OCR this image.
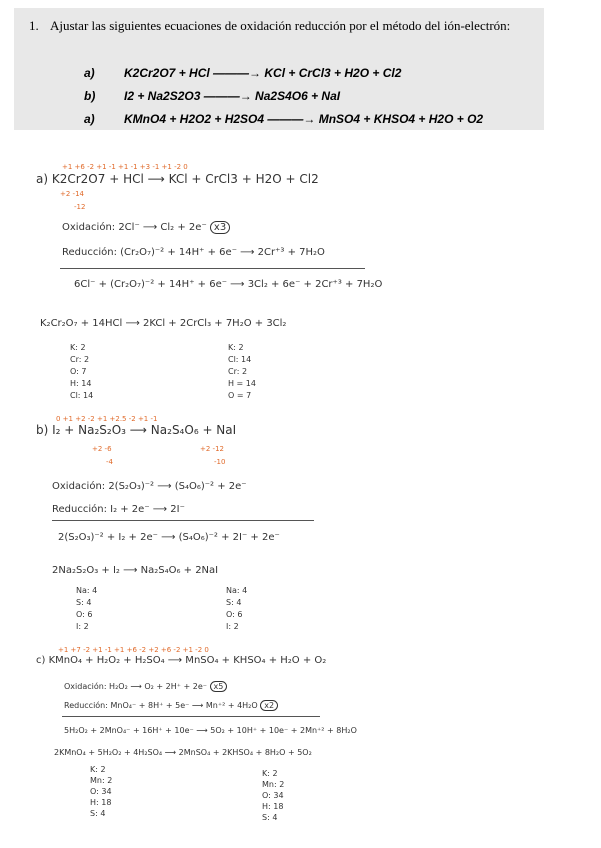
1. Ajustar las siguientes ecuaciones de oxidación reducción por el método del ión-electrón:
a) K2Cr2O7 + HCl ———→ KCl + CrCl3 + H2O + Cl2
b) I2 + Na2S2O3 ———→ Na2S4O6 + NaI
a) KMnO4 + H2O2 + H2SO4 ———→ MnSO4 + KHSO4 + H2O + O2
+1 +6 -2 +1 -1 +1 -1 +3 -1 +1 -2 0
a) K2Cr2O7 + HCl ⟶ KCl + CrCl3 + H2O + Cl2
+2 -14
-12
Oxidación: 2Cl⁻ ⟶ Cl₂ + 2e⁻ x3
Reducción: (Cr₂O₇)⁻² + 14H⁺ + 6e⁻ ⟶ 2Cr⁺³ + 7H₂O
6Cl⁻ + (Cr₂O₇)⁻² + 14H⁺ + 6e⁻ ⟶ 3Cl₂ + 6e⁻ + 2Cr⁺³ + 7H₂O
K₂Cr₂O₇ + 14HCl ⟶ 2KCl + 2CrCl₃ + 7H₂O + 3Cl₂
K: 2
Cr: 2
O: 7
H: 14
Cl: 14
K: 2
Cl: 14
Cr: 2
H = 14
O = 7
0 +1 +2 -2 +1 +2.5 -2 +1 -1
b) I₂ + Na₂S₂O₃ ⟶ Na₂S₄O₆ + NaI
+2 -6
-4
+2 -12
-10
Oxidación: 2(S₂O₃)⁻² ⟶ (S₄O₆)⁻² + 2e⁻
Reducción: I₂ + 2e⁻ ⟶ 2I⁻
2(S₂O₃)⁻² + I₂ + 2e⁻ ⟶ (S₄O₆)⁻² + 2I⁻ + 2e⁻
2Na₂S₂O₃ + I₂ ⟶ Na₂S₄O₆ + 2NaI
Na: 4
S: 4
O: 6
I: 2
Na: 4
S: 4
O: 6
I: 2
+1 +7 -2 +1 -1 +1 +6 -2 +2 +6 -2 +1 -2 0
c) KMnO₄ + H₂O₂ + H₂SO₄ ⟶ MnSO₄ + KHSO₄ + H₂O + O₂
Oxidación: H₂O₂ ⟶ O₂ + 2H⁺ + 2e⁻ x5
Reducción: MnO₄⁻ + 8H⁺ + 5e⁻ ⟶ Mn⁺² + 4H₂O x2
5H₂O₂ + 2MnO₄⁻ + 16H⁺ + 10e⁻ ⟶ 5O₂ + 10H⁺ + 10e⁻ + 2Mn⁺² + 8H₂O
2KMnO₄ + 5H₂O₂ + 4H₂SO₄ ⟶ 2MnSO₄ + 2KHSO₄ + 8H₂O + 5O₂
K: 2
Mn: 2
O: 34
H: 18
S: 4
K: 2
Mn: 2
O: 34
H: 18
S: 4
